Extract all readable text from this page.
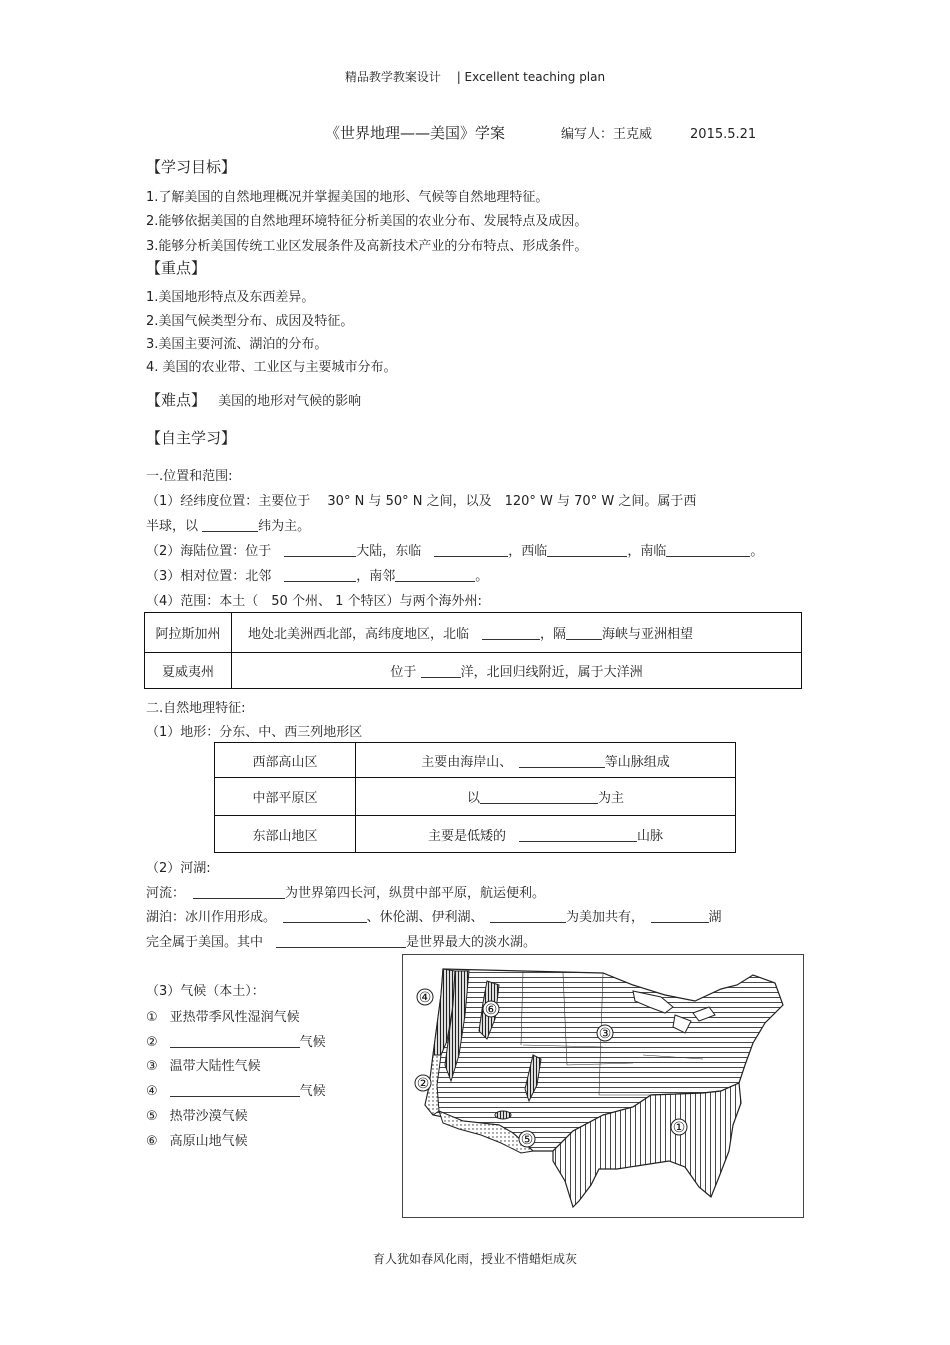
精品教学教案设计　 | Excellent teaching plan
《世界地理——美国》学案	编写人：王克威	2015.5.21
【学习目标】
1.了解美国的自然地理概况并掌握美国的地形、气候等自然地理特征。
2.能够依据美国的自然地理环境特征分析美国的农业分布、发展特点及成因。
3.能够分析美国传统工业区发展条件及高新技术产业的分布特点、形成条件。
【重点】
1.美国地形特点及东西差异。
2.美国气候类型分布、成因及特征。
3.美国主要河流、湖泊的分布。
4. 美国的农业带、工业区与主要城市分布。
【难点】 美国的地形对气候的影响
【自主学习】
一.位置和范围:
（1）经纬度位置：主要位于　 30° N 与 50° N 之间，以及　120° W 与 70° W 之间。属于西
半球，以	纬为主。
（2）海陆位置：位于　	大陆，东临　	，西临	，南临	。
（3）相对位置：北邻　	，南邻	。
（4）范围：本土（　50 个州、 1 个特区）与两个海外州:
阿拉斯加州	地处北美洲西北部，高纬度地区，北临　 ，隔 海峡与亚洲相望
夏威夷州	位于 洋，北回归线附近，属于大洋洲
二.自然地理特征:
（1）地形：分东、中、西三列地形区
西部高山区	主要由海岸山、　 等山脉组成
中部平原区	以 为主
东部山地区	主要是低矮的　 山脉
（2）河湖:
河流：	为世界第四长河，纵贯中部平原，航运便利。
湖泊：冰川作用形成。　	、休伦湖、伊利湖、　	为美加共有，　	湖
完全属于美国。其中　	是世界最大的淡水湖。
（3）气候（本土）：
① 亚热带季风性湿润气候
②	气候
③ 温带大陆性气候
④	气候
⑤ 热带沙漠气候
⑥ 高原山地气候
④
②
⑥
③
⑤
①
育人犹如春风化雨，授业不惜蜡炬成灰
